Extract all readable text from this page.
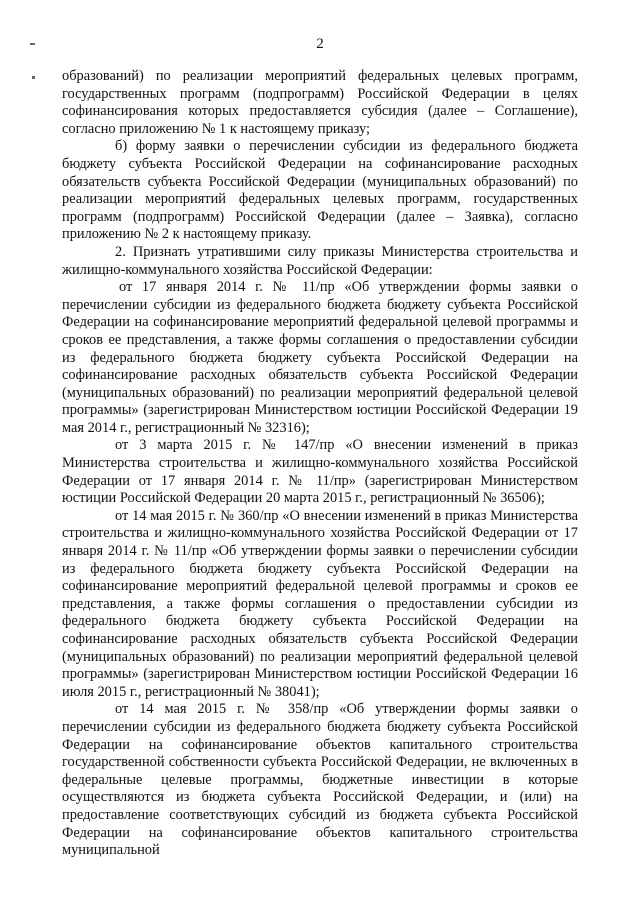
2

образований) по реализации мероприятий федеральных целевых программ, государственных программ (подпрограмм) Российской Федерации в целях софинансирования которых предоставляется субсидия (далее – Соглашение), согласно приложению № 1 к настоящему приказу;

б) форму заявки о перечислении субсидии из федерального бюджета бюджету субъекта Российской Федерации на софинансирование расходных обязательств субъекта Российской Федерации (муниципальных образований) по реализации мероприятий федеральных целевых программ, государственных программ (подпрограмм) Российской Федерации (далее – Заявка), согласно приложению № 2 к настоящему приказу.

2. Признать утратившими силу приказы Министерства строительства и жилищно-коммунального хозяйства Российской Федерации:

от 17 января 2014 г. № 11/пр «Об утверждении формы заявки о перечислении субсидии из федерального бюджета бюджету субъекта Российской Федерации на софинансирование мероприятий федеральной целевой программы и сроков ее представления, а также формы соглашения о предоставлении субсидии из федерального бюджета бюджету субъекта Российской Федерации на софинансирование расходных обязательств субъекта Российской Федерации (муниципальных образований) по реализации мероприятий федеральной целевой программы» (зарегистрирован Министерством юстиции Российской Федерации 19 мая 2014 г., регистрационный № 32316);

от 3 марта 2015 г. № 147/пр «О внесении изменений в приказ Министерства строительства и жилищно-коммунального хозяйства Российской Федерации от 17 января 2014 г. № 11/пр» (зарегистрирован Министерством юстиции Российской Федерации 20 марта 2015 г., регистрационный № 36506);

от 14 мая 2015 г. № 360/пр «О внесении изменений в приказ Министерства строительства и жилищно-коммунального хозяйства Российской Федерации от 17 января 2014 г. № 11/пр «Об утверждении формы заявки о перечислении субсидии из федерального бюджета бюджету субъекта Российской Федерации на софинансирование мероприятий федеральной целевой программы и сроков ее представления, а также формы соглашения о предоставлении субсидии из федерального бюджета бюджету субъекта Российской Федерации на софинансирование расходных обязательств субъекта Российской Федерации (муниципальных образований) по реализации мероприятий федеральной целевой программы» (зарегистрирован Министерством юстиции Российской Федерации 16 июля 2015 г., регистрационный № 38041);

от 14 мая 2015 г. № 358/пр «Об утверждении формы заявки о перечислении субсидии из федерального бюджета бюджету субъекта Российской Федерации на софинансирование объектов капитального строительства государственной собственности субъекта Российской Федерации, не включенных в федеральные целевые программы, бюджетные инвестиции в которые осуществляются из бюджета субъекта Российской Федерации, и (или) на предоставление соответствующих субсидий из бюджета субъекта Российской Федерации на софинансирование объектов капитального строительства муниципальной
